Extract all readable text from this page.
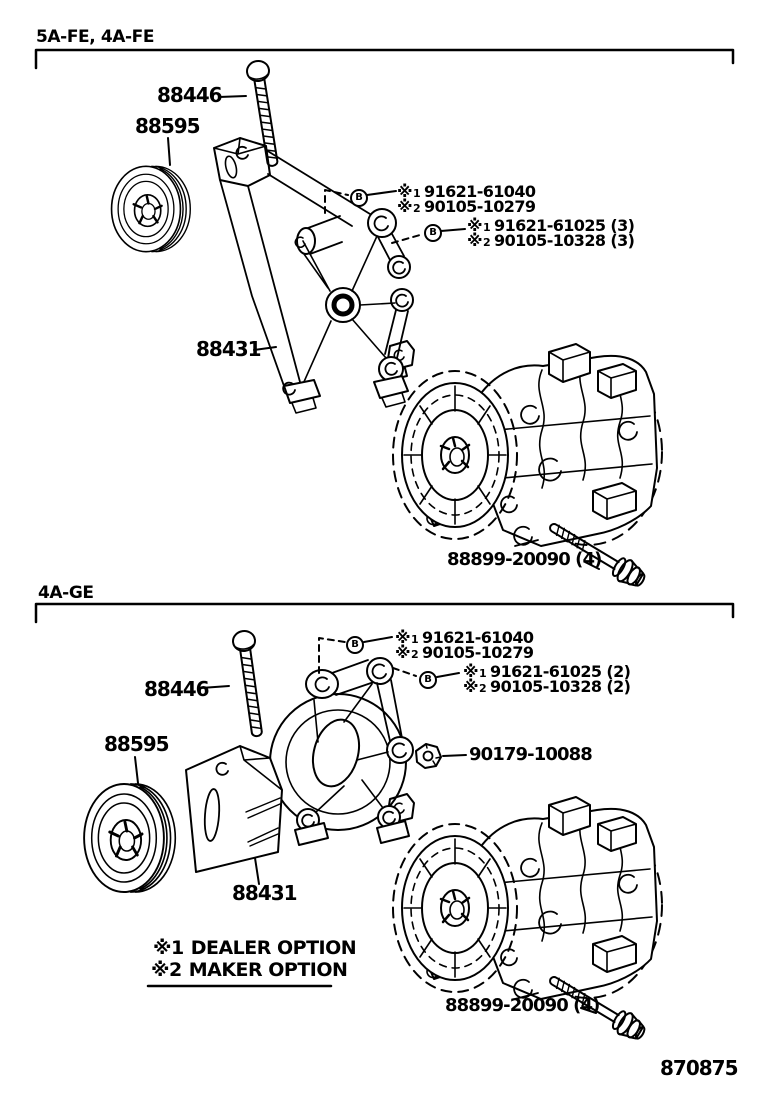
5A-FE, 4A-FE
88446
88595
88431
88899-20090 (4)
※1 91621-61040
※2 90105-10279
※1 91621-61025 (3)
※2 90105-10328 (3)
B
B
4A-GE
88446
88595
88431
90179-10088
88899-20090 (4)
※1 91621-61040
※2 90105-10279
※1 91621-61025 (2)
※2 90105-10328 (2)
B
B
※1 DEALER OPTION
※2 MAKER OPTION
870875
